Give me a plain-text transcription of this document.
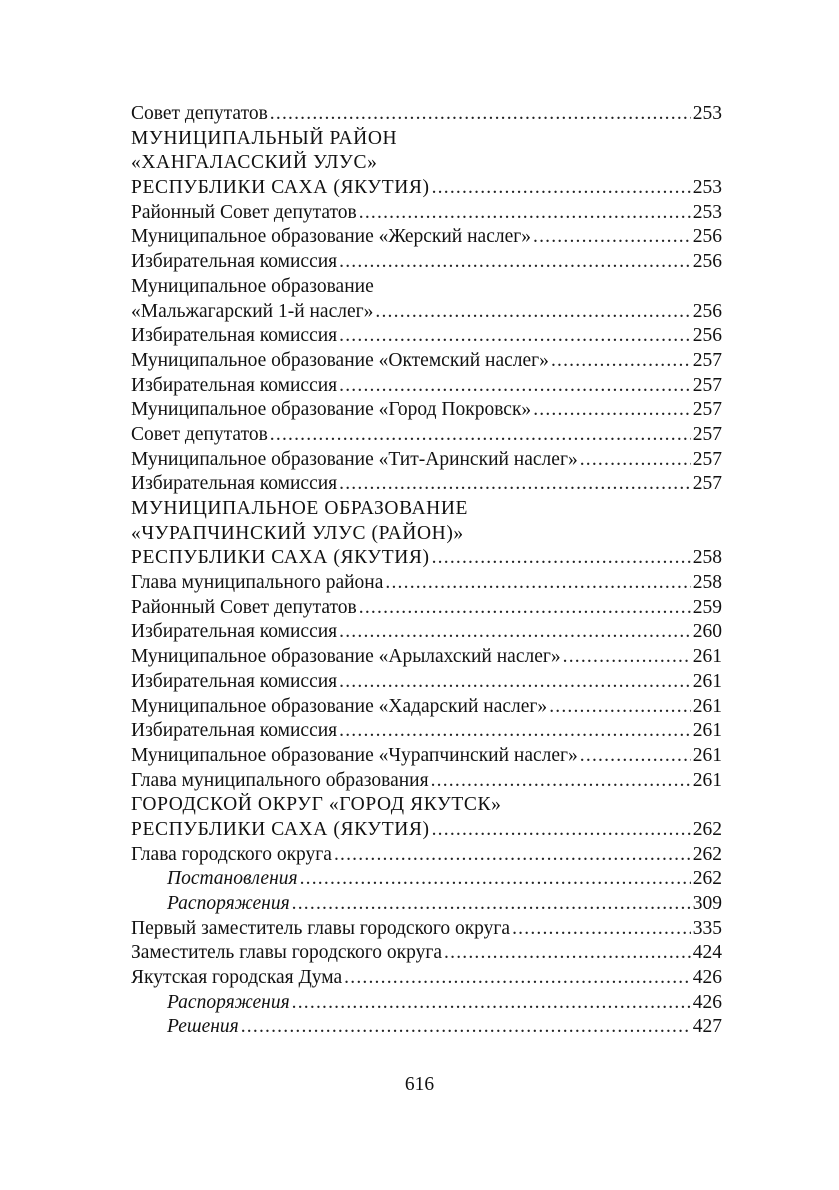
Совет депутатов .....	253
МУНИЦИПАЛЬНЫЙ РАЙОН
«ХАНГАЛАССКИЙ УЛУС»
РЕСПУБЛИКИ САХА (ЯКУТИЯ) .....	253
Районный Совет депутатов .....	253
Муниципальное образование «Жерский наслег» .....	256
Избирательная комиссия .....	256
Муниципальное образование
«Мальжагарский 1-й наслег» .....	256
Избирательная комиссия .....	256
Муниципальное образование «Октемский наслег» .....	257
Избирательная комиссия .....	257
Муниципальное образование «Город Покровск» .....	257
Совет депутатов .....	257
Муниципальное образование «Тит-Аринский наслег» .....	257
Избирательная комиссия .....	257
МУНИЦИПАЛЬНОЕ ОБРАЗОВАНИЕ
«ЧУРАПЧИНСКИЙ УЛУС (РАЙОН)»
РЕСПУБЛИКИ САХА (ЯКУТИЯ) .....	258
Глава муниципального района .....	258
Районный Совет депутатов .....	259
Избирательная комиссия .....	260
Муниципальное образование «Арылахский наслег» .....	261
Избирательная комиссия .....	261
Муниципальное образование «Хадарский наслег» .....	261
Избирательная комиссия .....	261
Муниципальное образование «Чурапчинский наслег» .....	261
Глава муниципального образования .....	261
ГОРОДСКОЙ ОКРУГ «ГОРОД ЯКУТСК»
РЕСПУБЛИКИ САХА (ЯКУТИЯ) .....	262
Глава городского округа .....	262
Постановления .....	262
Распоряжения .....	309
Первый заместитель главы городского округа .....	335
Заместитель главы городского округа .....	424
Якутская городская Дума .....	426
Распоряжения .....	426
Решения .....	427
616
